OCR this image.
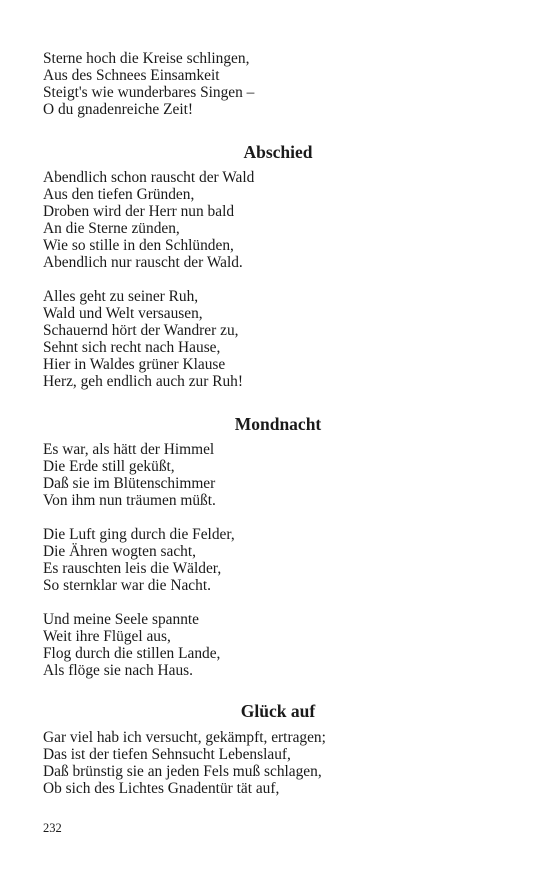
Sterne hoch die Kreise schlingen,
Aus des Schnees Einsamkeit
Steigt's wie wunderbares Singen –
O du gnadenreiche Zeit!
Abschied
Abendlich schon rauscht der Wald
Aus den tiefen Gründen,
Droben wird der Herr nun bald
An die Sterne zünden,
Wie so stille in den Schlünden,
Abendlich nur rauscht der Wald.
Alles geht zu seiner Ruh,
Wald und Welt versausen,
Schauernd hört der Wandrer zu,
Sehnt sich recht nach Hause,
Hier in Waldes grüner Klause
Herz, geh endlich auch zur Ruh!
Mondnacht
Es war, als hätt der Himmel
Die Erde still geküßt,
Daß sie im Blütenschimmer
Von ihm nun träumen müßt.
Die Luft ging durch die Felder,
Die Ähren wogten sacht,
Es rauschten leis die Wälder,
So sternklar war die Nacht.
Und meine Seele spannte
Weit ihre Flügel aus,
Flog durch die stillen Lande,
Als flöge sie nach Haus.
Glück auf
Gar viel hab ich versucht, gekämpft, ertragen;
Das ist der tiefen Sehnsucht Lebenslauf,
Daß brünstig sie an jeden Fels muß schlagen,
Ob sich des Lichtes Gnadentür tät auf,
232
